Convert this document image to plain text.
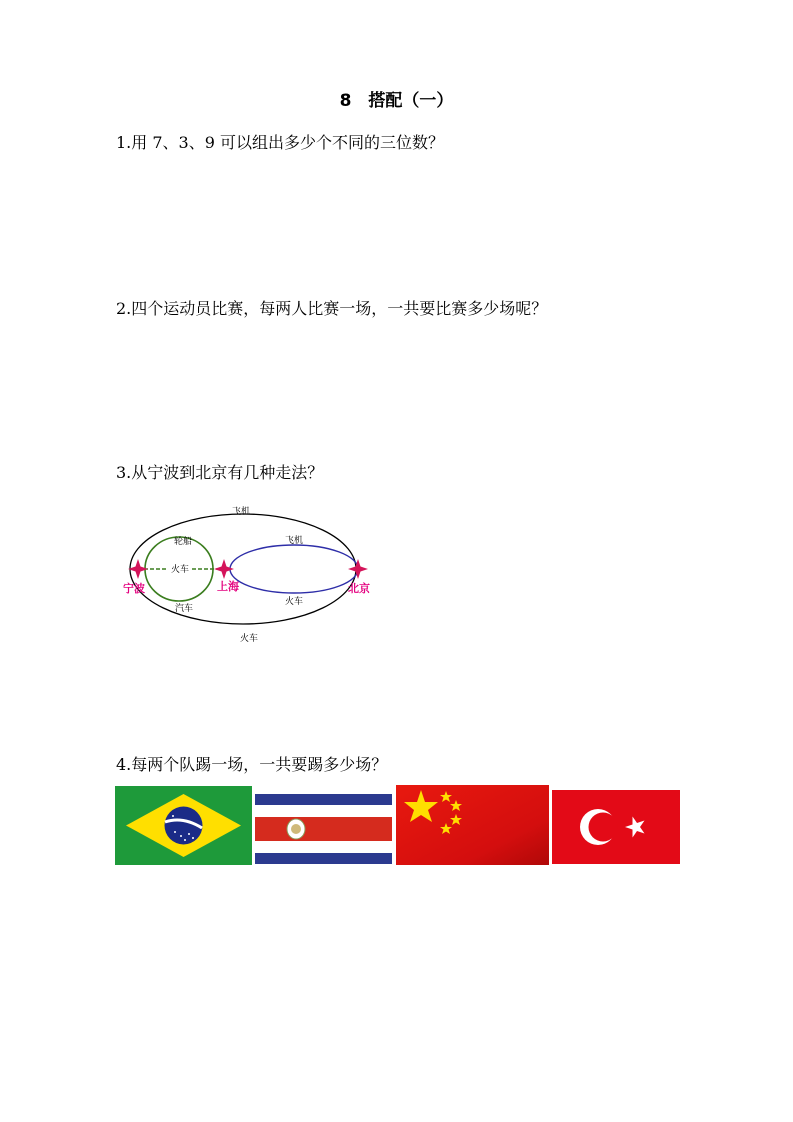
8　搭配（一）
1.用 7、3、9 可以组出多少个不同的三位数？
2.四个运动员比赛，每两人比赛一场，一共要比赛多少场呢？
3.从宁波到北京有几种走法？
宁波	上海	北京
飞机
火车
轮船
火车
汽车
飞机
火车
4.每两个队踢一场，一共要踢多少场？
